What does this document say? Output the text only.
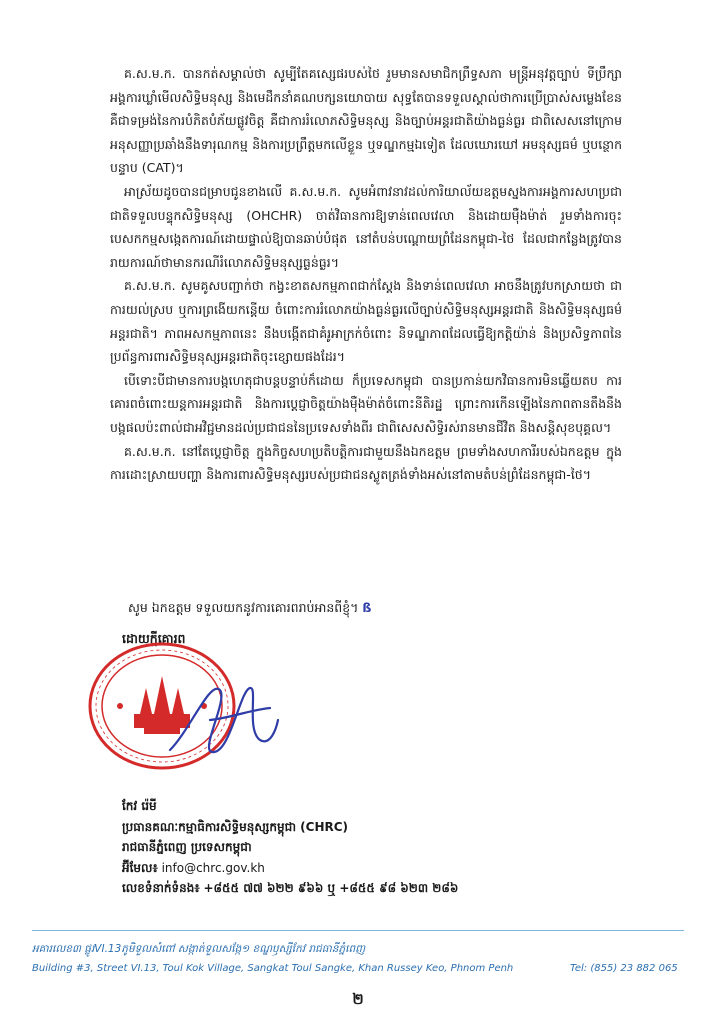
គ.ស.ម.ក. បានកត់សម្គាល់ថា សូម្បីតែគស្សេផរបស់ថៃ រួមមានសមាជិកព្រឹទ្ធសភា មន្ត្រីអនុវត្តច្បាប់ ទីប្រឹក្សាអង្គការឃ្លាំមើលសិទ្ធិមនុស្ស និងមេដឹកនាំគណបក្សនយោបាយ សុទ្ធតែបានទទួលស្គាល់ថាការប្រើប្រាស់សម្លេងខែន គឺជាទម្រង់នៃការបំភិតបំភ័យផ្លូវចិត្ត គឺជាការរំលោភសិទ្ធិមនុស្ស និងច្បាប់អន្តរជាតិយ៉ាងធ្ងន់ធ្ងរ ជាពិសេសនៅក្រោមអនុសញ្ញាប្រឆាំងនឹងទារុណកម្ម និងការប្រព្រឹត្តមកលើខ្លួន ឬទណ្ឌកម្មឯទៀត ដែលឃោរឃៅ អមនុស្សធម៌ ឬបន្ថោកបន្ទាប (CAT)។

អាស្រ័យដូចបានជម្រាបជូនខាងលើ គ.ស.ម.ក. សូមអំពាវនាវដល់ការិយាល័យឧត្តមស្នងការអង្គការសហប្រជាជាតិទទួលបន្ទុកសិទ្ធិមនុស្ស (OHCHR) ចាត់វិធានការឱ្យទាន់ពេលវេលា និងដោយម៉ឺងម៉ាត់ រួមទាំងការចុះបេសកកម្មសង្កេតការណ៍ដោយផ្ទាល់ឱ្យបានឆាប់បំផុត នៅតំបន់បណ្តោយព្រំដែនកម្ពុជា-ថៃ ដែលជាកន្លែងត្រូវបានរាយការណ៍ថាមានករណីរំលោភសិទ្ធិមនុស្សធ្ងន់ធ្ងរ។

គ.ស.ម.ក. សូមគូសបញ្ជាក់ថា កង្វះខាតសកម្មភាពជាក់ស្តែង និងទាន់ពេលវេលា អាចនឹងត្រូវបកស្រាយថា ជាការយល់ស្រប ឬការព្រងើយកន្តើយ ចំពោះការរំលោភយ៉ាងធ្ងន់ធ្ងរលើច្បាប់សិទ្ធិមនុស្សអន្តរជាតិ និងសិទ្ធិមនុស្សធម៌អន្តរជាតិ។ ភាពអសកម្មភាពនេះ នឹងបង្កើតជាគំរូអាក្រក់ចំពោះ និទណ្ឌភាពដែលធ្វើឱ្យកត្តិយ៉ាន់ និងប្រសិទ្ធភាពនៃប្រព័ន្ធការពារសិទ្ធិមនុស្សអន្តរជាតិចុះខ្សោយផងដែរ។

បើទោះបីជាមានការបង្កហេតុជាបន្តបន្ទាប់ក៏ដោយ ក៏ប្រទេសកម្ពុជា បានប្រកាន់យកវិធានការមិនឆ្លើយតប ការគោរពចំពោះយន្តការអន្តរជាតិ និងការប្តេជ្ញាចិត្តយ៉ាងម៉ឺងម៉ាត់ចំពោះនីតិរដ្ឋ ព្រោះការកើនឡើងនៃភាពតានតឹងនឹងបង្កផលប៉ះពាល់ជាអវិជ្ជមានដល់ប្រជាជននៃប្រទេសទាំងពីរ ជាពិសេសសិទ្ធិរស់រានមានជីវិត និងសន្តិសុខបុគ្គល។

គ.ស.ម.ក. នៅតែប្តេជ្ញាចិត្ត ក្នុងកិច្ចសហប្រតិបត្តិការជាមួយនឹងឯកឧត្តម ព្រមទាំងសហការីរបស់ឯកឧត្តម ក្នុងការដោះស្រាយបញ្ហា និងការពារសិទ្ធិមនុស្សរបស់ប្រជាជនស្លូតត្រង់ទាំងអស់នៅតាមតំបន់ព្រំដែនកម្ពុជា-ថៃ។

សូម ឯកឧត្តម ទទួលយកនូវការគោរពរាប់អានពីខ្ញុំ។ ß
ដោយក្តីគោរព
កែវ រ៉េមី
ប្រធានគណៈកម្មាធិការសិទ្ធិមនុស្សកម្ពុជា (CHRC)
រាជធានីភ្នំពេញ ប្រទេសកម្ពុជា
អ៊ីមែល៖ info@chrc.gov.kh
លេខទំនាក់ទំនង៖ +៨៥៥ ៧៧ ៦២២ ៩៦៦ ឬ +៨៥៥ ៩៨ ៦២៣ ២៨៦
អគារលេខ៣ ផ្លូវVI.13ភូមិទួលសំពៅ សង្កាត់ទួលសង្កែ១ ខណ្ឌឫស្សីកែវ រាជធានីភ្នំពេញ
Building #3, Street VI.13, Toul Kok Village, Sangkat Toul Sangke, Khan Russey Keo, Phnom Penh	Tel: (855) 23 882 065
២
